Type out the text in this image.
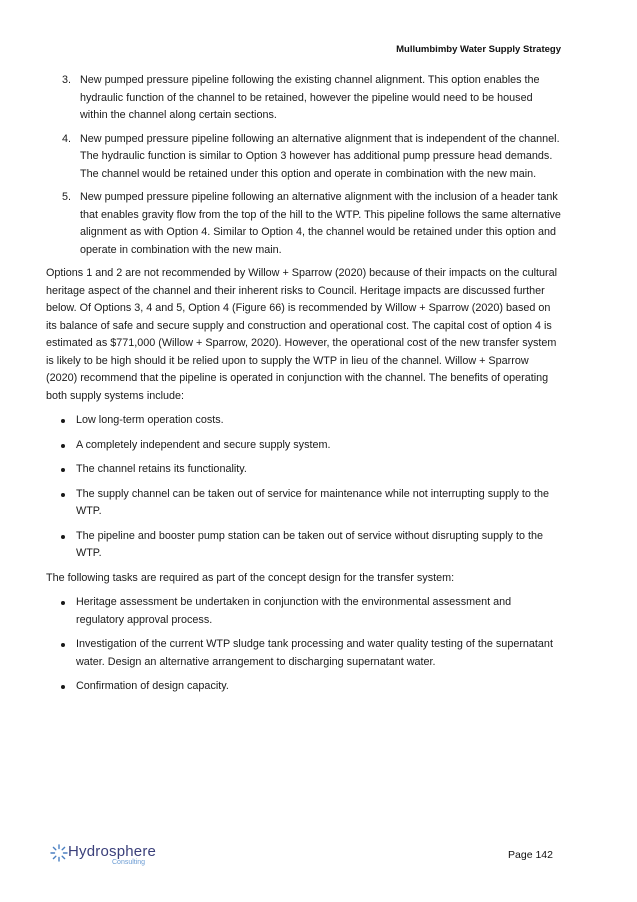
Mullumbimby Water Supply Strategy
3. New pumped pressure pipeline following the existing channel alignment. This option enables the hydraulic function of the channel to be retained, however the pipeline would need to be housed within the channel along certain sections.
4. New pumped pressure pipeline following an alternative alignment that is independent of the channel. The hydraulic function is similar to Option 3 however has additional pump pressure head demands. The channel would be retained under this option and operate in combination with the new main.
5. New pumped pressure pipeline following an alternative alignment with the inclusion of a header tank that enables gravity flow from the top of the hill to the WTP. This pipeline follows the same alternative alignment as with Option 4. Similar to Option 4, the channel would be retained under this option and operate in combination with the new main.

Options 1 and 2 are not recommended by Willow + Sparrow (2020) because of their impacts on the cultural heritage aspect of the channel and their inherent risks to Council. Heritage impacts are discussed further below. Of Options 3, 4 and 5, Option 4 (Figure 66) is recommended by Willow + Sparrow (2020) based on its balance of safe and secure supply and construction and operational cost. The capital cost of option 4 is estimated as $771,000 (Willow + Sparrow, 2020). However, the operational cost of the new transfer system is likely to be high should it be relied upon to supply the WTP in lieu of the channel. Willow + Sparrow (2020) recommend that the pipeline is operated in conjunction with the channel. The benefits of operating both supply systems include:

Low long-term operation costs.
A completely independent and secure supply system.
The channel retains its functionality.
The supply channel can be taken out of service for maintenance while not interrupting supply to the WTP.
The pipeline and booster pump station can be taken out of service without disrupting supply to the WTP.

The following tasks are required as part of the concept design for the transfer system:

Heritage assessment be undertaken in conjunction with the environmental assessment and regulatory approval process.
Investigation of the current WTP sludge tank processing and water quality testing of the supernatant water. Design an alternative arrangement to discharging supernatant water.
Confirmation of design capacity.
Hydrosphere
Consulting
Page 142
